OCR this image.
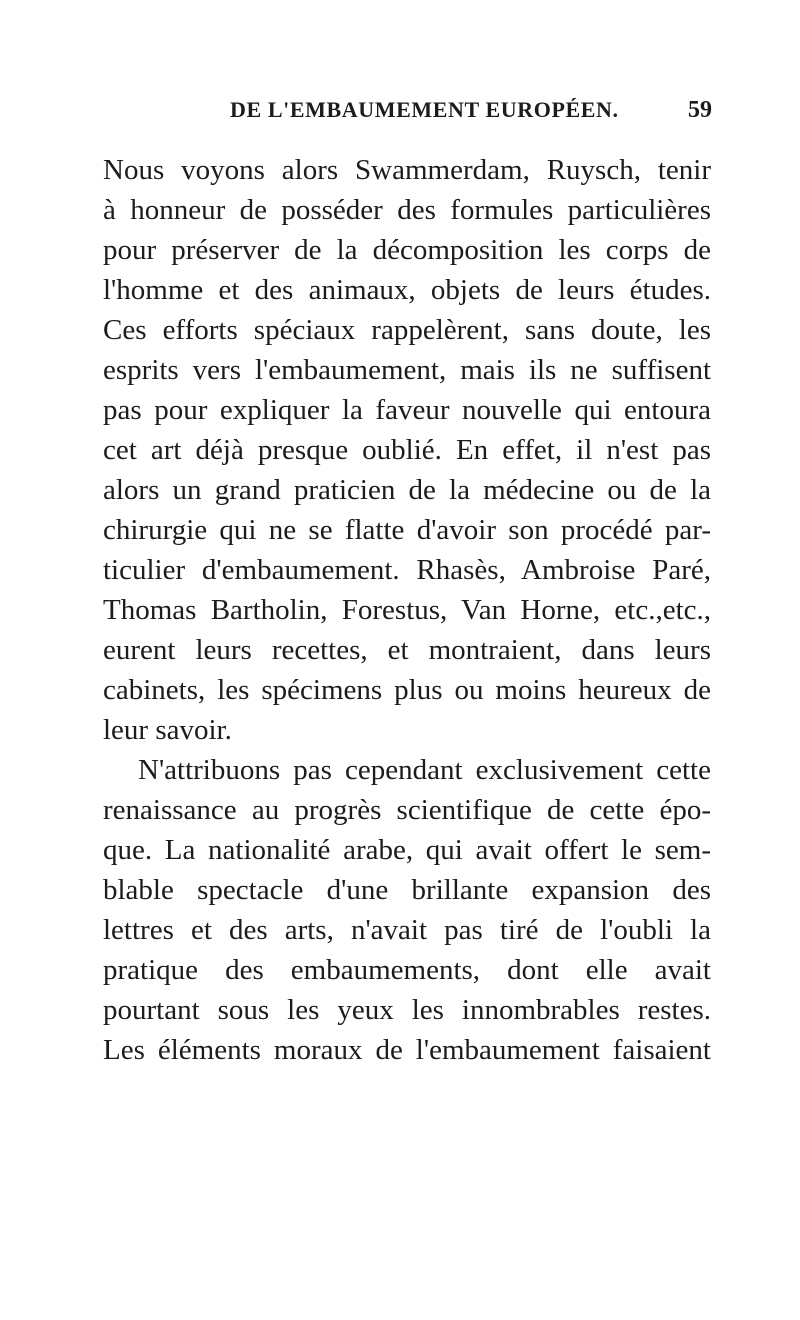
DE L'EMBAUMEMENT EUROPÉEN.	59
Nous voyons alors Swammerdam, Ruysch, tenir
à honneur de posséder des formules particulières
pour préserver de la décomposition les corps de
l'homme et des animaux, objets de leurs études.
Ces efforts spéciaux rappelèrent, sans doute, les
esprits vers l'embaumement, mais ils ne suffisent
pas pour expliquer la faveur nouvelle qui entoura
cet art déjà presque oublié. En effet, il n'est pas
alors un grand praticien de la médecine ou de la
chirurgie qui ne se flatte d'avoir son procédé par-
ticulier d'embaumement. Rhasès, Ambroise Paré,
Thomas Bartholin, Forestus, Van Horne, etc.,etc.,
eurent leurs recettes, et montraient, dans leurs
cabinets, les spécimens plus ou moins heureux de
leur savoir.
N'attribuons pas cependant exclusivement cette
renaissance au progrès scientifique de cette épo-
que. La nationalité arabe, qui avait offert le sem-
blable spectacle d'une brillante expansion des
lettres et des arts, n'avait pas tiré de l'oubli la
pratique des embaumements, dont elle avait
pourtant sous les yeux les innombrables restes.
Les éléments moraux de l'embaumement faisaient
